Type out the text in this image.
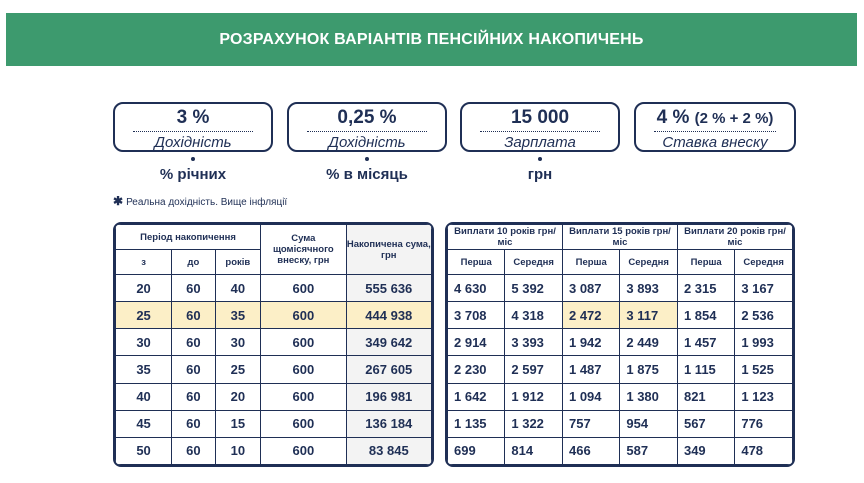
РОЗРАХУНОК ВАРІАНТІВ ПЕНСІЙНИХ НАКОПИЧЕНЬ
3 %
Дохідність
0,25 %
Дохідність
15 000
Зарплата
4 % (2 % + 2 %)
Ставка внеску
% річних	% в місяць	грн
✱ Реальна дохідність. Вище інфляції
Період накопичення			Сума щомісячного внеску, грн	Накопичена сума, грн
з	до	років		
20	60	40	600	555 636
25	60	35	600	444 938
30	60	30	600	349 642
35	60	25	600	267 605
40	60	20	600	196 981
45	60	15	600	136 184
50	60	10	600	83 845
Виплати 10 років грн/міс		Виплати 15 років грн/міс		Виплати 20 років грн/міс	
Перша	Середня	Перша	Середня	Перша	Середня
4 630	5 392	3 087	3 893	2 315	3 167
3 708	4 318	2 472	3 117	1 854	2 536
2 914	3 393	1 942	2 449	1 457	1 993
2 230	2 597	1 487	1 875	1 115	1 525
1 642	1 912	1 094	1 380	821	1 123
1 135	1 322	757	954	567	776
699	814	466	587	349	478
